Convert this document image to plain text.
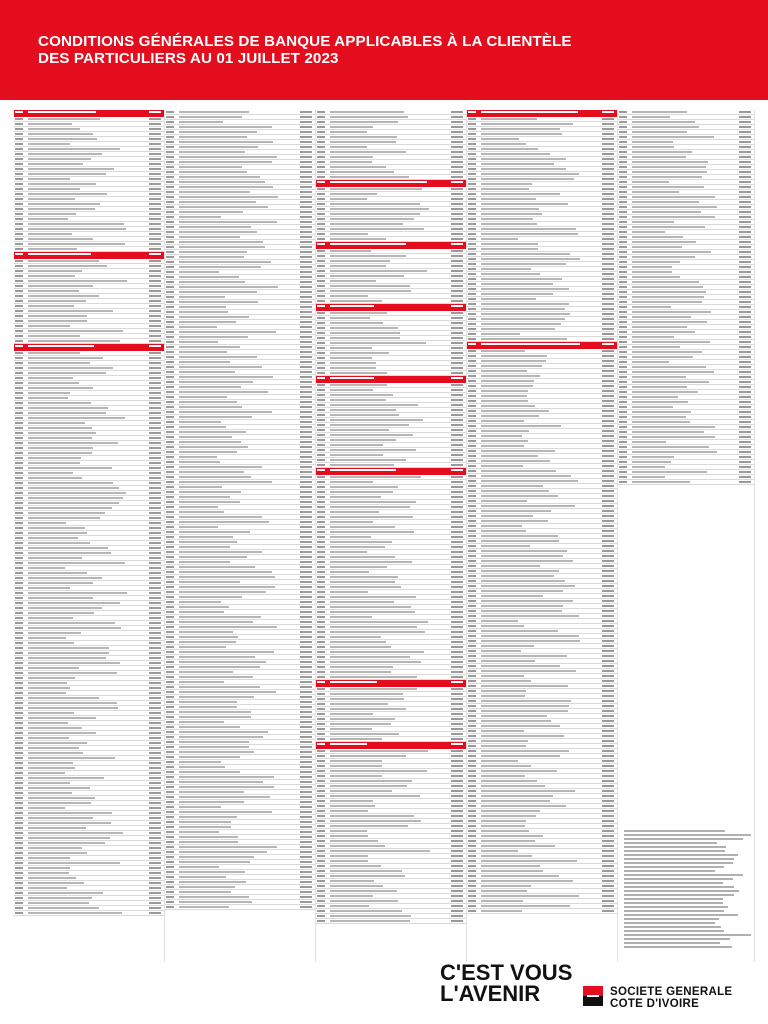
CONDITIONS GÉNÉRALES DE BANQUE APPLICABLES À LA CLIENTÈLE
DES PARTICULIERS AU 01 JUILLET 2023

C'EST VOUS
L'AVENIR	SOCIETE GENERALE
COTE D'IVOIRE
